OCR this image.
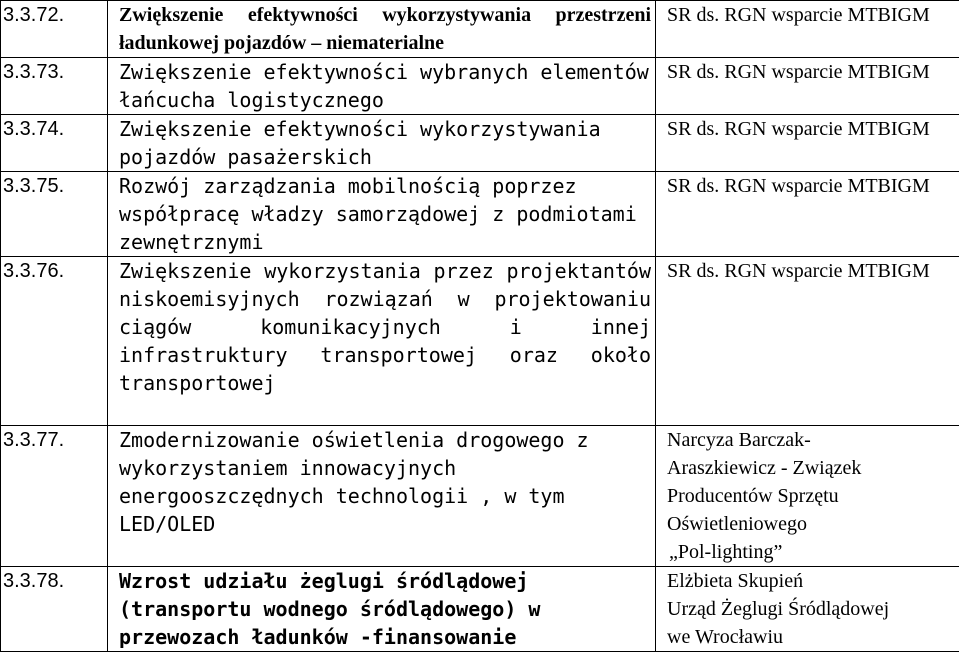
3.3.72.	Zwiększenie efektywności wykorzystywania przestrzeni ładunkowej pojazdów – niematerialne	SR ds. RGN wsparcie MTBIGM
3.3.73.	Zwiększenie efektywności wybranych elementów łańcucha logistycznego	SR ds. RGN wsparcie MTBIGM
3.3.74.	Zwiększenie efektywności wykorzystywania pojazdów pasażerskich	SR ds. RGN wsparcie MTBIGM
3.3.75.	Rozwój zarządzania mobilnością poprzez współpracę władzy samorządowej z podmiotami zewnętrznymi	SR ds. RGN wsparcie MTBIGM
3.3.76.	Zwiększenie wykorzystania przez projektantów niskoemisyjnych rozwiązań w projektowaniu ciągów komunikacyjnych i innej infrastruktury transportowej oraz około transportowej	SR ds. RGN wsparcie MTBIGM
3.3.77.	Zmodernizowanie oświetlenia drogowego z wykorzystaniem innowacyjnych energooszczędnych technologii , w tym LED/OLED	Narcyza Barczak-
Araszkiewicz - Związek
Producentów Sprzętu
Oświetleniowego
„Pol-lighting”

3.3.78.	Wzrost udziału żeglugi śródlądowej (transportu wodnego śródlądowego) w przewozach ładunków -finansowanie	Elżbieta Skupień
Urząd Żeglugi Śródlądowej
we Wrocławiu
